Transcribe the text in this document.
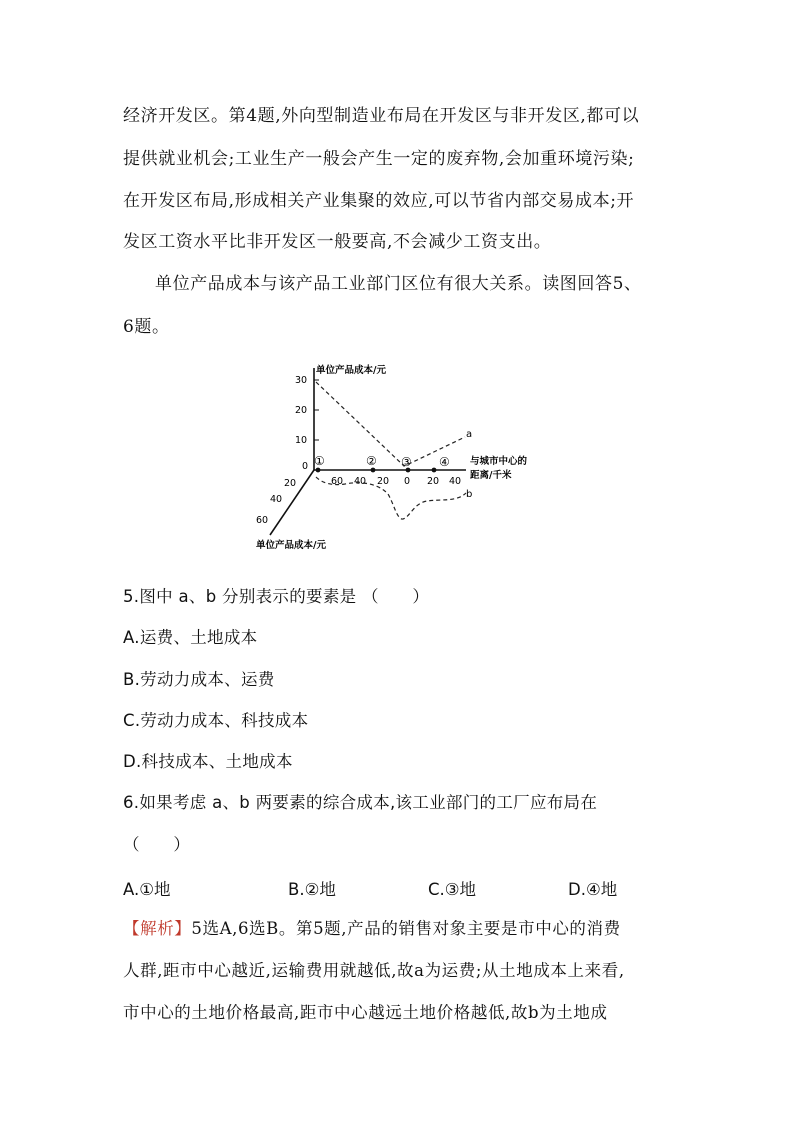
经济开发区。第4题,外向型制造业布局在开发区与非开发区,都可以
提供就业机会;工业生产一般会产生一定的废弃物,会加重环境污染;
在开发区布局,形成相关产业集聚的效应,可以节省内部交易成本;开
发区工资水平比非开发区一般要高,不会减少工资支出。
单位产品成本与该产品工业部门区位有很大关系。读图回答5、
6题。
30
20
10
0
单位产品成本/元
20
40
60
单位产品成本/元
60 40 20 0 20 40
与城市中心的
距离/千米
①	② ③ ④
a
b
5.图中 a、b 分别表示的要素是 （　　）
A.运费、土地成本
B.劳动力成本、运费
C.劳动力成本、科技成本
D.科技成本、土地成本
6.如果考虑 a、b 两要素的综合成本,该工业部门的工厂应布局在
（　　）
A.①地	B.②地	C.③地	D.④地
【解析】5选A,6选B。第5题,产品的销售对象主要是市中心的消费
人群,距市中心越近,运输费用就越低,故a为运费;从土地成本上来看,
市中心的土地价格最高,距市中心越远土地价格越低,故b为土地成
